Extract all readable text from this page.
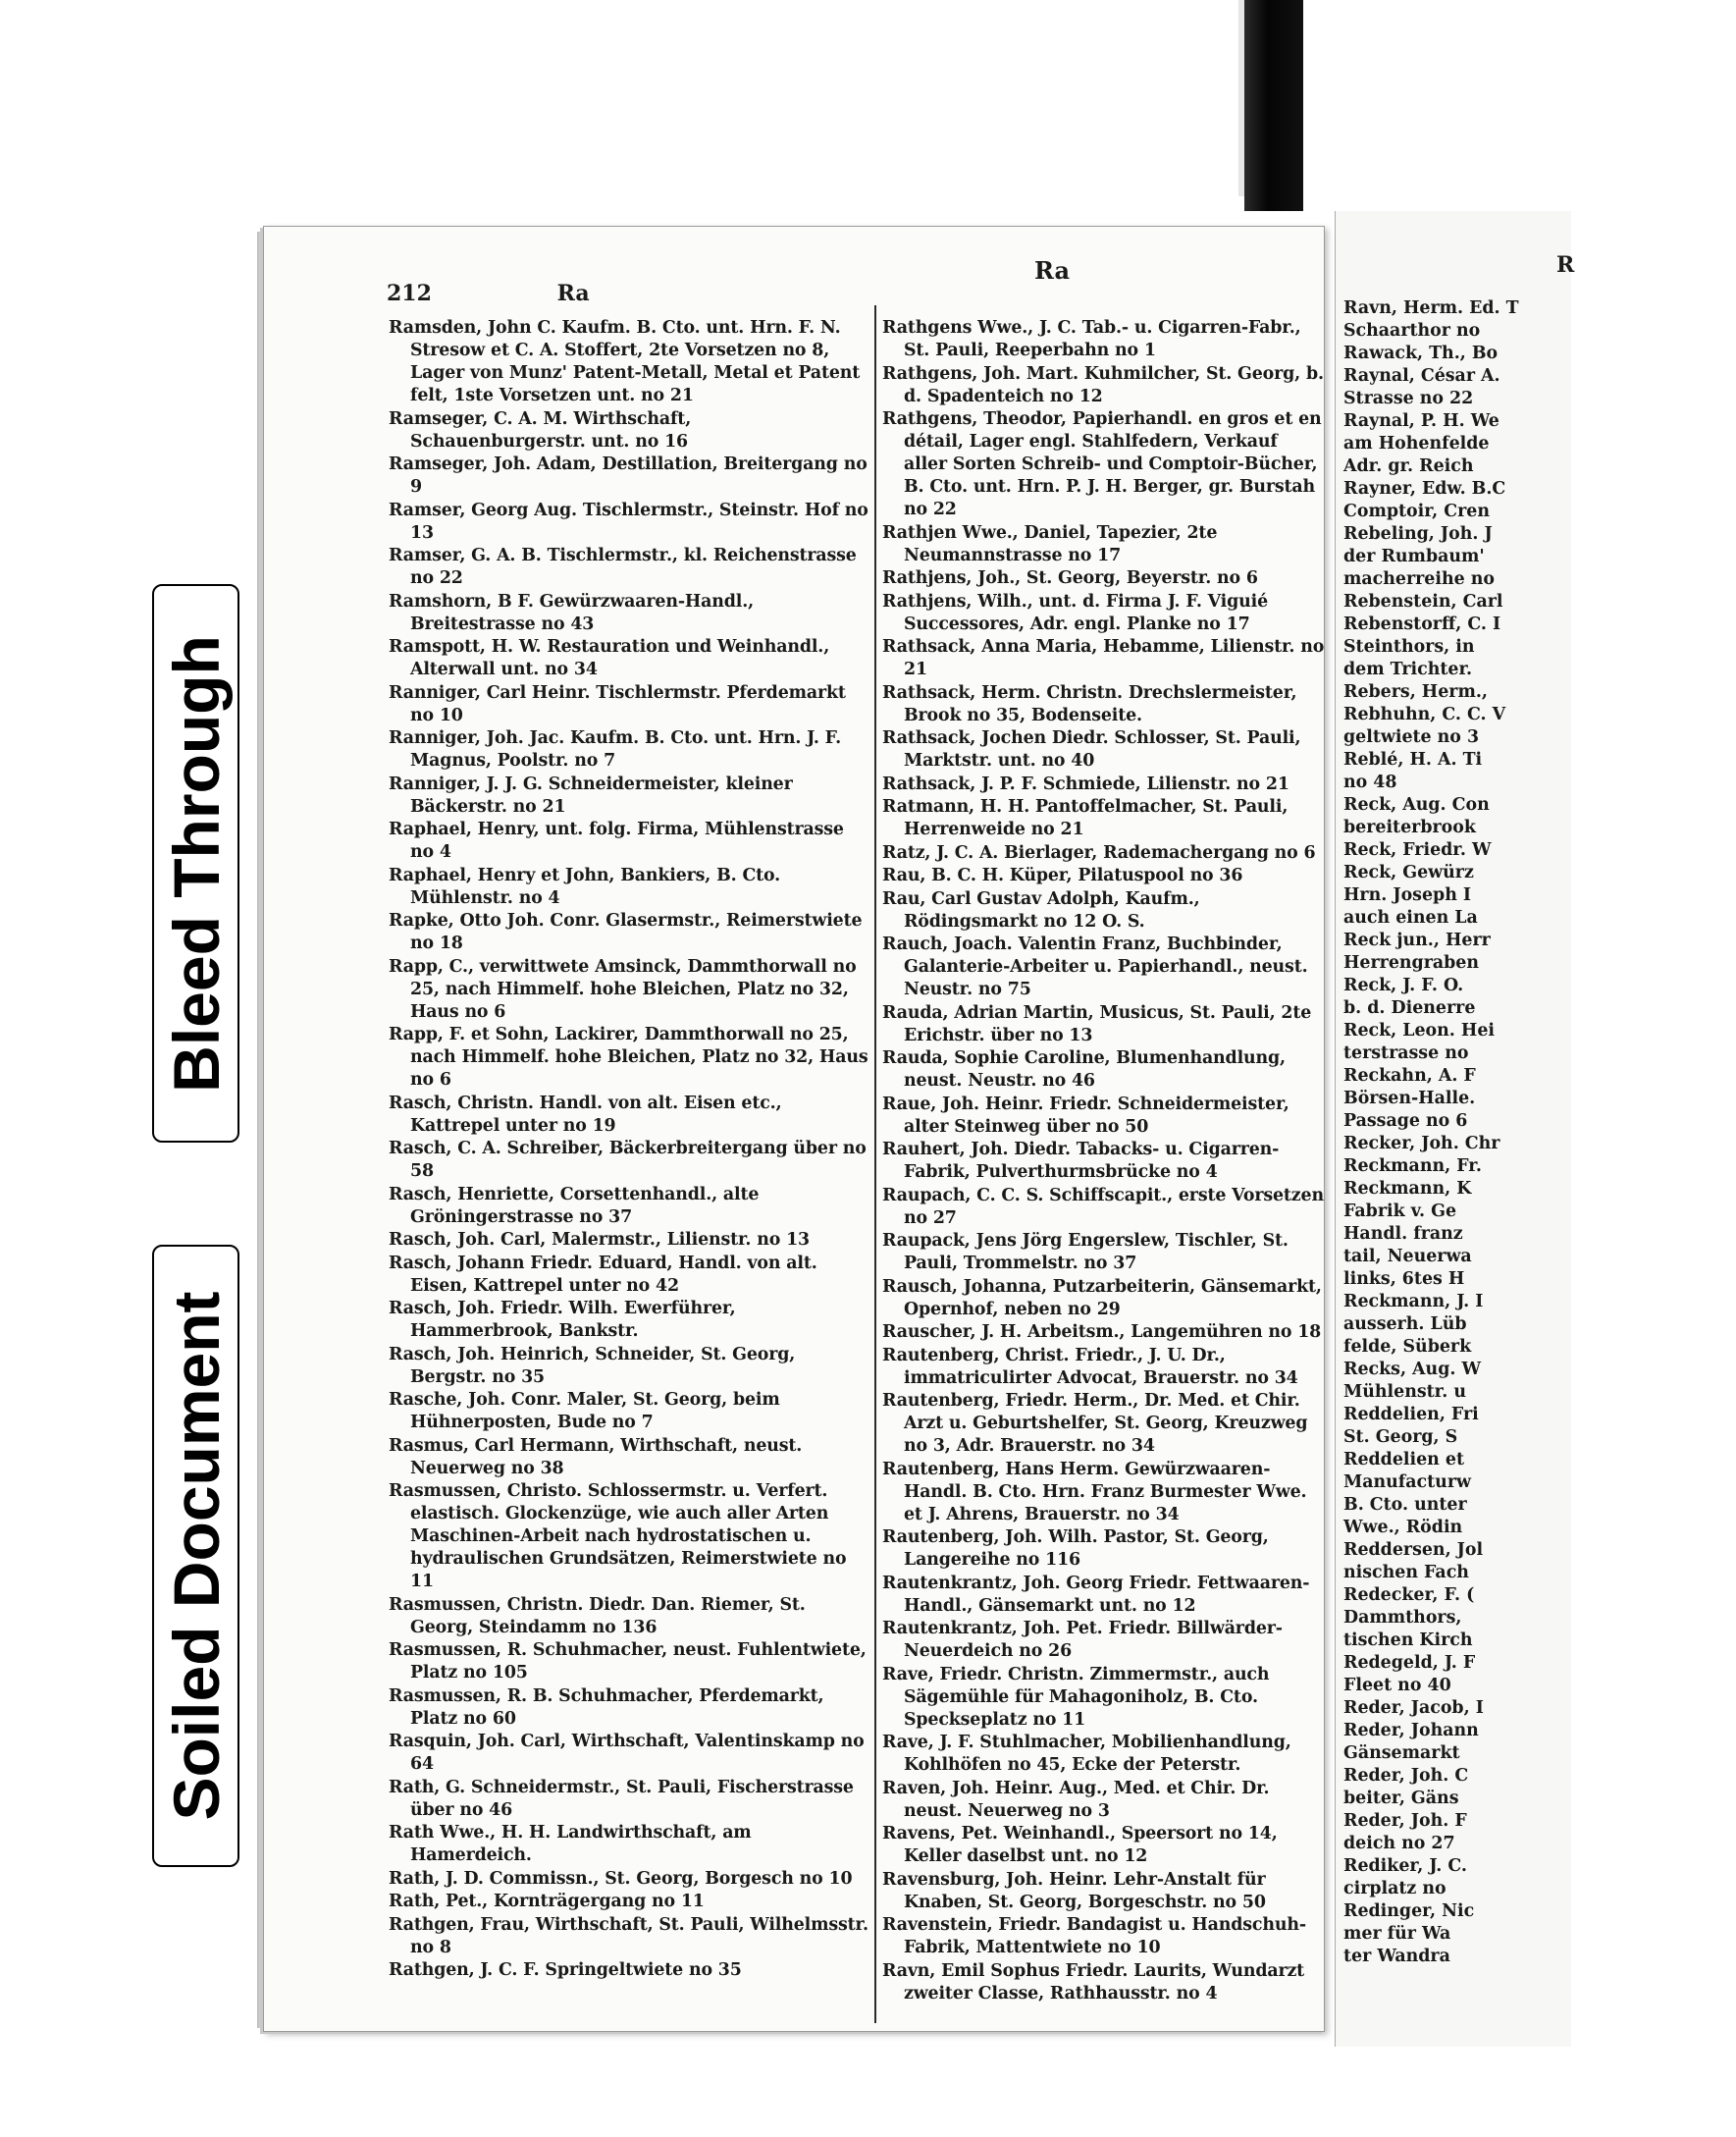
Bleed Through
Soiled Document
212	Ra
Ra
Ramsden, John C. Kaufm. B. Cto. unt. Hrn. F. N. Stresow et C. A. Stoffert, 2te Vorsetzen no 8, Lager von Munz' Patent-Metall, Metal et Patent felt, 1ste Vorsetzen unt. no 21
Ramseger, C. A. M. Wirthschaft, Schauenburgerstr. unt. no 16
Ramseger, Joh. Adam, Destillation, Breitergang no 9
Ramser, Georg Aug. Tischlermstr., Steinstr. Hof no 13
Ramser, G. A. B. Tischlermstr., kl. Reichenstrasse no 22
Ramshorn, B F. Gewürzwaaren-Handl., Breitestrasse no 43
Ramspott, H. W. Restauration und Weinhandl., Alterwall unt. no 34
Ranniger, Carl Heinr. Tischlermstr. Pferdemarkt no 10
Ranniger, Joh. Jac. Kaufm. B. Cto. unt. Hrn. J. F. Magnus, Poolstr. no 7
Ranniger, J. J. G. Schneidermeister, kleiner Bäckerstr. no 21
Raphael, Henry, unt. folg. Firma, Mühlenstrasse no 4
Raphael, Henry et John, Bankiers, B. Cto. Mühlenstr. no 4
Rapke, Otto Joh. Conr. Glasermstr., Reimerstwiete no 18
Rapp, C., verwittwete Amsinck, Dammthorwall no 25, nach Himmelf. hohe Bleichen, Platz no 32, Haus no 6
Rapp, F. et Sohn, Lackirer, Dammthorwall no 25, nach Himmelf. hohe Bleichen, Platz no 32, Haus no 6
Rasch, Christn. Handl. von alt. Eisen etc., Kattrepel unter no 19
Rasch, C. A. Schreiber, Bäckerbreitergang über no 58
Rasch, Henriette, Corsettenhandl., alte Gröningerstrasse no 37
Rasch, Joh. Carl, Malermstr., Lilienstr. no 13
Rasch, Johann Friedr. Eduard, Handl. von alt. Eisen, Kattrepel unter no 42
Rasch, Joh. Friedr. Wilh. Ewerführer, Hammerbrook, Bankstr.
Rasch, Joh. Heinrich, Schneider, St. Georg, Bergstr. no 35
Rasche, Joh. Conr. Maler, St. Georg, beim Hühnerposten, Bude no 7
Rasmus, Carl Hermann, Wirthschaft, neust. Neuerweg no 38
Rasmussen, Christo. Schlossermstr. u. Verfert. elastisch. Glockenzüge, wie auch aller Arten Maschinen-Arbeit nach hydrostatischen u. hydraulischen Grundsätzen, Reimerstwiete no 11
Rasmussen, Christn. Diedr. Dan. Riemer, St. Georg, Steindamm no 136
Rasmussen, R. Schuhmacher, neust. Fuhlentwiete, Platz no 105
Rasmussen, R. B. Schuhmacher, Pferdemarkt, Platz no 60
Rasquin, Joh. Carl, Wirthschaft, Valentinskamp no 64
Rath, G. Schneidermstr., St. Pauli, Fischerstrasse über no 46
Rath Wwe., H. H. Landwirthschaft, am Hamerdeich.
Rath, J. D. Commissn., St. Georg, Borgesch no 10
Rath, Pet., Kornträgergang no 11
Rathgen, Frau, Wirthschaft, St. Pauli, Wilhelmsstr. no 8
Rathgen, J. C. F. Springeltwiete no 35
Rathgens Wwe., J. C. Tab.- u. Cigarren-Fabr., St. Pauli, Reeperbahn no 1
Rathgens, Joh. Mart. Kuhmilcher, St. Georg, b. d. Spadenteich no 12
Rathgens, Theodor, Papierhandl. en gros et en détail, Lager engl. Stahlfedern, Verkauf aller Sorten Schreib- und Comptoir-Bücher, B. Cto. unt. Hrn. P. J. H. Berger, gr. Burstah no 22
Rathjen Wwe., Daniel, Tapezier, 2te Neumannstrasse no 17
Rathjens, Joh., St. Georg, Beyerstr. no 6
Rathjens, Wilh., unt. d. Firma J. F. Viguié Successores, Adr. engl. Planke no 17
Rathsack, Anna Maria, Hebamme, Lilienstr. no 21
Rathsack, Herm. Christn. Drechslermeister, Brook no 35, Bodenseite.
Rathsack, Jochen Diedr. Schlosser, St. Pauli, Marktstr. unt. no 40
Rathsack, J. P. F. Schmiede, Lilienstr. no 21
Ratmann, H. H. Pantoffelmacher, St. Pauli, Herrenweide no 21
Ratz, J. C. A. Bierlager, Rademachergang no 6
Rau, B. C. H. Küper, Pilatuspool no 36
Rau, Carl Gustav Adolph, Kaufm., Rödingsmarkt no 12 O. S.
Rauch, Joach. Valentin Franz, Buchbinder, Galanterie-Arbeiter u. Papierhandl., neust. Neustr. no 75
Rauda, Adrian Martin, Musicus, St. Pauli, 2te Erichstr. über no 13
Rauda, Sophie Caroline, Blumenhandlung, neust. Neustr. no 46
Raue, Joh. Heinr. Friedr. Schneidermeister, alter Steinweg über no 50
Rauhert, Joh. Diedr. Tabacks- u. Cigarren-Fabrik, Pulverthurmsbrücke no 4
Raupach, C. C. S. Schiffscapit., erste Vorsetzen no 27
Raupack, Jens Jörg Engerslew, Tischler, St. Pauli, Trommelstr. no 37
Rausch, Johanna, Putzarbeiterin, Gänsemarkt, Opernhof, neben no 29
Rauscher, J. H. Arbeitsm., Langemühren no 18
Rautenberg, Christ. Friedr., J. U. Dr., immatriculirter Advocat, Brauerstr. no 34
Rautenberg, Friedr. Herm., Dr. Med. et Chir. Arzt u. Geburtshelfer, St. Georg, Kreuzweg no 3, Adr. Brauerstr. no 34
Rautenberg, Hans Herm. Gewürzwaaren-Handl. B. Cto. Hrn. Franz Burmester Wwe. et J. Ahrens, Brauerstr. no 34
Rautenberg, Joh. Wilh. Pastor, St. Georg, Langereihe no 116
Rautenkrantz, Joh. Georg Friedr. Fettwaaren-Handl., Gänsemarkt unt. no 12
Rautenkrantz, Joh. Pet. Friedr. Billwärder-Neuerdeich no 26
Rave, Friedr. Christn. Zimmermstr., auch Sägemühle für Mahagoniholz, B. Cto. Speckseplatz no 11
Rave, J. F. Stuhlmacher, Mobilienhandlung, Kohlhöfen no 45, Ecke der Peterstr.
Raven, Joh. Heinr. Aug., Med. et Chir. Dr. neust. Neuerweg no 3
Ravens, Pet. Weinhandl., Speersort no 14, Keller daselbst unt. no 12
Ravensburg, Joh. Heinr. Lehr-Anstalt für Knaben, St. Georg, Borgeschstr. no 50
Ravenstein, Friedr. Bandagist u. Handschuh-Fabrik, Mattentwiete no 10
Ravn, Emil Sophus Friedr. Laurits, Wundarzt zweiter Classe, Rathhausstr. no 4
R
Ravn, Herm. Ed. T
Schaarthor no
Rawack, Th., Bo
Raynal, César A.
Strasse no 22
Raynal, P. H. We
am Hohenfelde
Adr. gr. Reich
Rayner, Edw. B.C
Comptoir, Cren
Rebeling, Joh. J
der Rumbaum'
macherreihe no
Rebenstein, Carl
Rebenstorff, C. I
Steinthors, in
dem Trichter.
Rebers, Herm.,
Rebhuhn, C. C. V
geltwiete no 3
Reblé, H. A. Ti
no 48
Reck, Aug. Con
bereiterbrook
Reck, Friedr. W
Reck, Gewürz
Hrn. Joseph I
auch einen La
Reck jun., Herr
Herrengraben
Reck, J. F. O.
b. d. Dienerre
Reck, Leon. Hei
terstrasse no
Reckahn, A. F
Börsen-Halle.
Passage no 6
Recker, Joh. Chr
Reckmann, Fr.
Reckmann, K
Fabrik v. Ge
Handl. franz
tail, Neuerwa
links, 6tes H
Reckmann, J. I
ausserh. Lüb
felde, Süberk
Recks, Aug. W
Mühlenstr. u
Reddelien, Fri
St. Georg, S
Reddelien et
Manufacturw
B. Cto. unter
Wwe., Rödin
Reddersen, Jol
nischen Fach
Redecker, F. (
Dammthors,
tischen Kirch
Redegeld, J. F
Fleet no 40
Reder, Jacob, I
Reder, Johann
Gänsemarkt
Reder, Joh. C
beiter, Gäns
Reder, Joh. F
deich no 27
Rediker, J. C.
cirplatz no
Redinger, Nic
mer für Wa
ter Wandra
